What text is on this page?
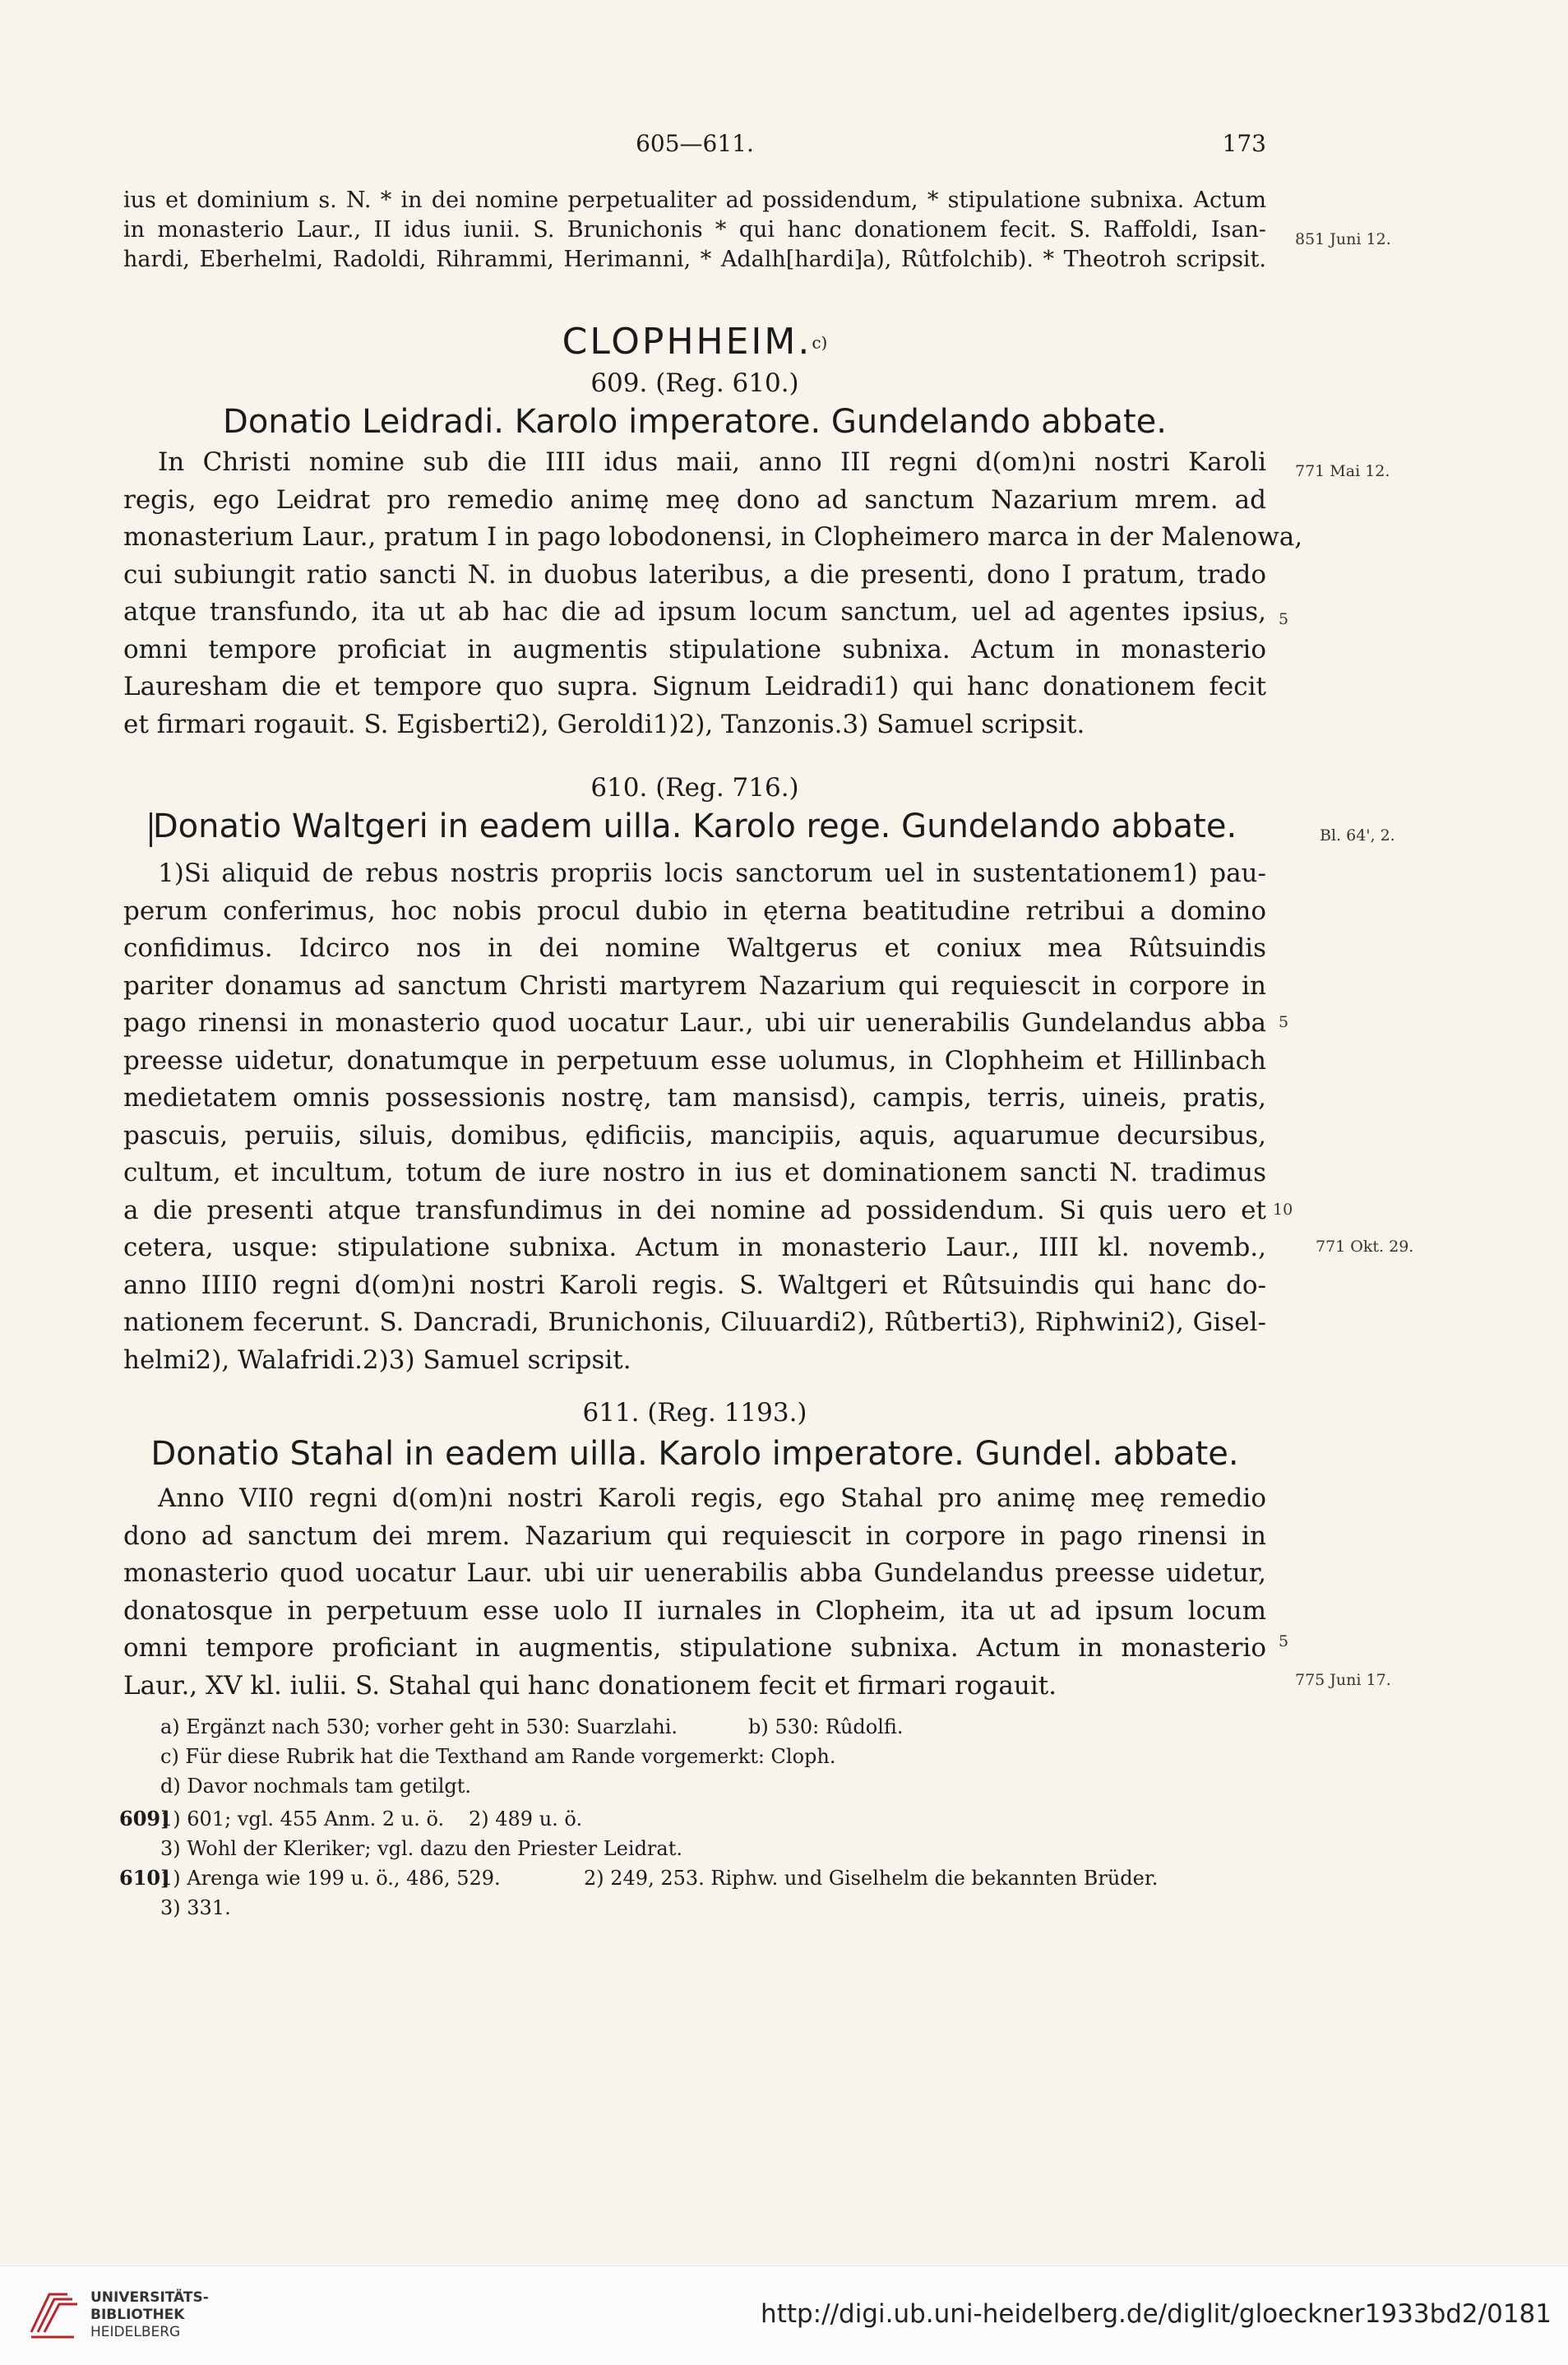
605—611.	173
ius et dominium s. N. * in dei nomine perpetualiter ad possidendum, * stipulatione subnixa. Actum
in monasterio Laur., II idus iunii. S. Brunichonis * qui hanc donationem fecit. S. Raffoldi, Isan-
hardi, Eberhelmi, Radoldi, Rihrammi, Herimanni, * Adalh[hardi]a), Rûtfolchib). * Theotroh scripsit.
851 Juni 12.
CLOPHHEIM.c)
609. (Reg. 610.)
Donatio Leidradi. Karolo imperatore. Gundelando abbate.
In Christi nomine sub die IIII idus maii, anno III regni d(om)ni nostri Karoli
regis, ego Leidrat pro remedio animę meę dono ad sanctum Nazarium mrem. ad
monasterium Laur., pratum I in pago lobodonensi, in Clopheimero marca in der Malenowa,
cui subiungit ratio sancti N. in duobus lateribus, a die presenti, dono I pratum, trado
atque transfundo, ita ut ab hac die ad ipsum locum sanctum, uel ad agentes ipsius,
omni tempore proficiat in augmentis stipulatione subnixa. Actum in monasterio
Lauresham die et tempore quo supra. Signum Leidradi1) qui hanc donationem fecit
et firmari rogauit. S. Egisberti2), Geroldi1)2), Tanzonis.3) Samuel scripsit.
771 Mai 12.
5
610. (Reg. 716.)
Donatio Waltgeri in eadem uilla. Karolo rege. Gundelando abbate.	Bl. 64', 2.
1)Si aliquid de rebus nostris propriis locis sanctorum uel in sustentationem1) pau-
perum conferimus, hoc nobis procul dubio in ęterna beatitudine retribui a domino
confidimus. Idcirco nos in dei nomine Waltgerus et coniux mea Rûtsuindis
pariter donamus ad sanctum Christi martyrem Nazarium qui requiescit in corpore in
pago rinensi in monasterio quod uocatur Laur., ubi uir uenerabilis Gundelandus abba
preesse uidetur, donatumque in perpetuum esse uolumus, in Clophheim et Hillinbach
medietatem omnis possessionis nostrę, tam mansisd), campis, terris, uineis, pratis,
pascuis, peruiis, siluis, domibus, ędificiis, mancipiis, aquis, aquarumue decursibus,
cultum, et incultum, totum de iure nostro in ius et dominationem sancti N. tradimus
a die presenti atque transfundimus in dei nomine ad possidendum. Si quis uero et
cetera, usque: stipulatione subnixa. Actum in monasterio Laur., IIII kl. novemb.,
anno IIII0 regni d(om)ni nostri Karoli regis. S. Waltgeri et Rûtsuindis qui hanc do-
nationem fecerunt. S. Dancradi, Brunichonis, Ciluuardi2), Rûtberti3), Riphwini2), Gisel-
helmi2), Walafridi.2)3) Samuel scripsit.
5
10
771 Okt. 29.
611. (Reg. 1193.)
Donatio Stahal in eadem uilla. Karolo imperatore. Gundel. abbate.
Anno VII0 regni d(om)ni nostri Karoli regis, ego Stahal pro animę meę remedio
dono ad sanctum dei mrem. Nazarium qui requiescit in corpore in pago rinensi in
monasterio quod uocatur Laur. ubi uir uenerabilis abba Gundelandus preesse uidetur,
donatosque in perpetuum esse uolo II iurnales in Clopheim, ita ut ad ipsum locum
omni tempore proficiant in augmentis, stipulatione subnixa. Actum in monasterio
Laur., XV kl. iulii. S. Stahal qui hanc donationem fecit et firmari rogauit.
5
775 Juni 17.
a) Ergänzt nach 530; vorher geht in 530: Suarzlahi.	b) 530: Rûdolfi.
c) Für diese Rubrik hat die Texthand am Rande vorgemerkt: Cloph.
d) Davor nochmals tam getilgt.
609]
1) 601; vgl. 455 Anm. 2 u. ö. 2) 489 u. ö.
3) Wohl der Kleriker; vgl. dazu den Priester Leidrat.
610]
1) Arenga wie 199 u. ö., 486, 529.	2) 249, 253. Riphw. und Giselhelm die bekannten Brüder.
3) 331.
UNIVERSITÄTS-
BIBLIOTHEK
HEIDELBERG
http://digi.ub.uni-heidelberg.de/diglit/gloeckner1933bd2/0181
